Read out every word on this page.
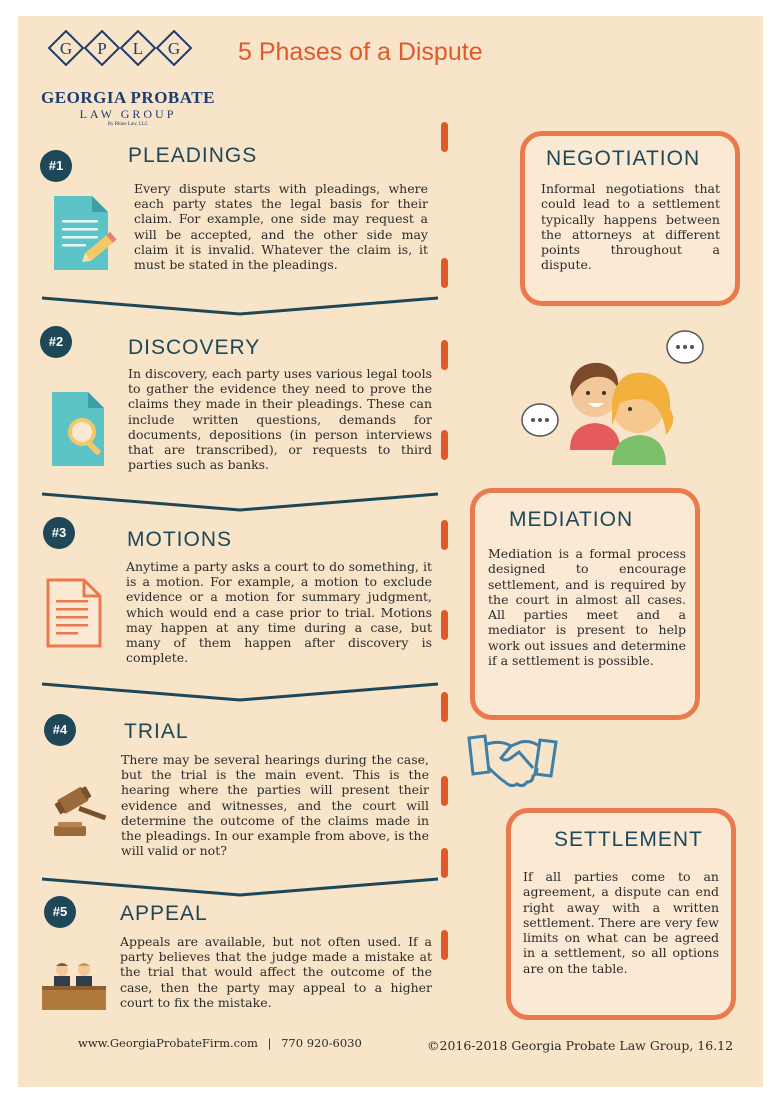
G P L G
GEORGIA PROBATE
LAW GROUP
By Rhine Law, LLC
5 Phases of a Dispute
#1	PLEADINGS
Every dispute starts with pleadings, where each party states the legal basis for their claim. For example, one side may request a will be accepted, and the other side may claim it is invalid. Whatever the claim is, it must be stated in the pleadings.
#2	DISCOVERY
In discovery, each party uses various legal tools to gather the evidence they need to prove the claims they made in their pleadings. These can include written questions, demands for documents, depositions (in person interviews that are transcribed), or requests to third parties such as banks.
#3	MOTIONS
Anytime a party asks a court to do something, it is a motion. For example, a motion to exclude evidence or a motion for summary judgment, which would end a case prior to trial. Motions may happen at any time during a case, but many of them happen after discovery is complete.
#4	TRIAL
There may be several hearings during the case, but the trial is the main event. This is the hearing where the parties will present their evidence and witnesses, and the court will determine the outcome of the claims made in the pleadings. In our example from above, is the will valid or not?
#5	APPEAL
Appeals are available, but not often used. If a party believes that the judge made a mistake at the trial that would affect the outcome of the case, then the party may appeal to a higher court to fix the mistake.
NEGOTIATION
Informal negotiations that could lead to a settlement typically happens between the attorneys at different points throughout a dispute.
MEDIATION
Mediation is a formal process designed to encourage settlement, and is required by the court in almost all cases. All parties meet and a mediator is present to help work out issues and determine if a settlement is possible.
SETTLEMENT
If all parties come to an agreement, a dispute can end right away with a written settlement. There are very few limits on what can be agreed in a settlement, so all options are on the table.
www.GeorgiaProbateFirm.com | 770 920-6030	©2016-2018 Georgia Probate Law Group, 16.12
